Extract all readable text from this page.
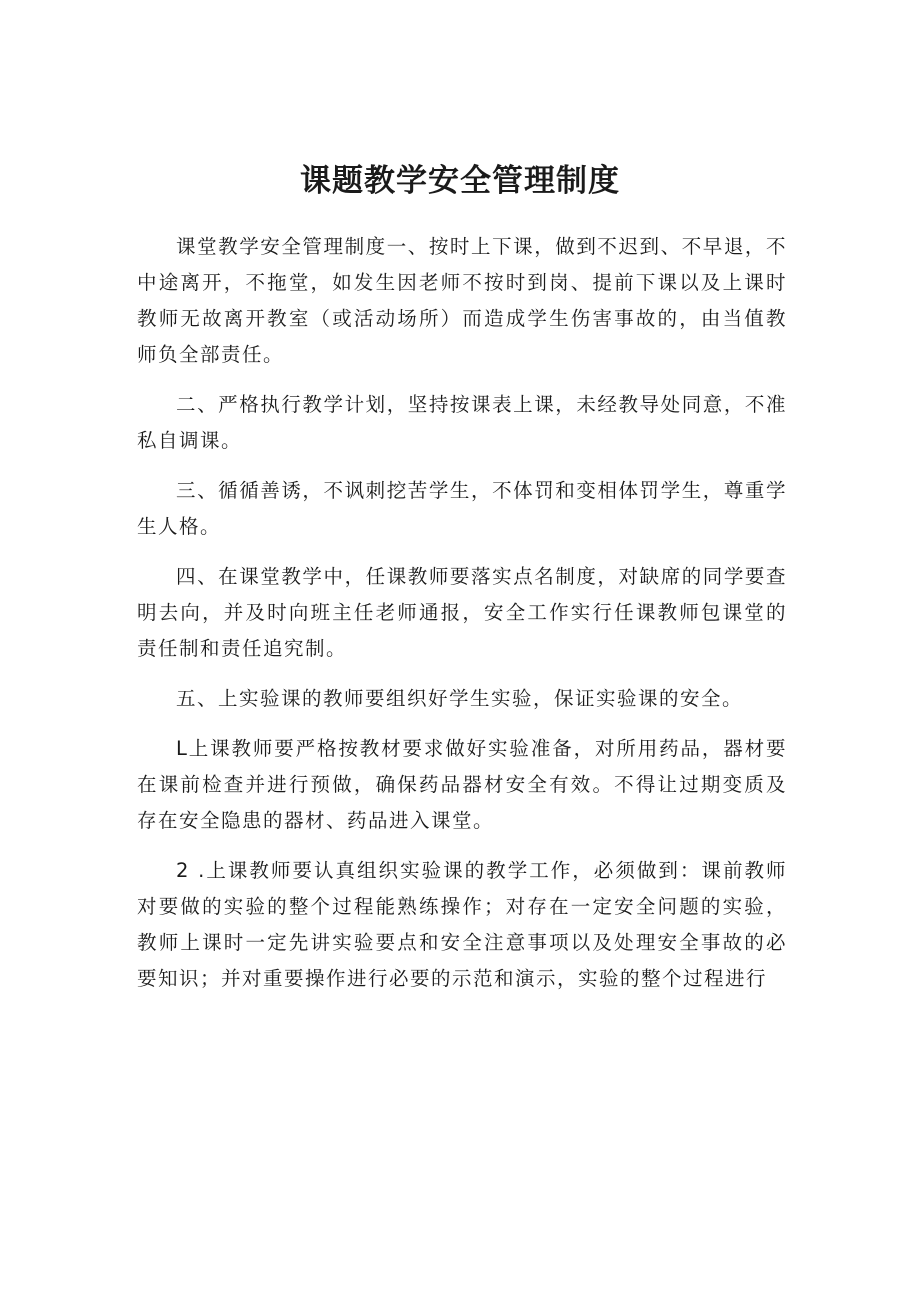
课题教学安全管理制度

课堂教学安全管理制度一、按时上下课，做到不迟到、不早退，不中途离开，不拖堂，如发生因老师不按时到岗、提前下课以及上课时教师无故离开教室（或活动场所）而造成学生伤害事故的，由当值教师负全部责任。

二、严格执行教学计划，坚持按课表上课，未经教导处同意，不准私自调课。

三、循循善诱，不讽刺挖苦学生，不体罚和变相体罚学生，尊重学生人格。

四、在课堂教学中，任课教师要落实点名制度，对缺席的同学要查明去向，并及时向班主任老师通报，安全工作实行任课教师包课堂的责任制和责任追究制。

五、上实验课的教师要组织好学生实验，保证实验课的安全。

L上课教师要严格按教材要求做好实验准备，对所用药品，器材要在课前检查并进行预做，确保药品器材安全有效。不得让过期变质及存在安全隐患的器材、药品进入课堂。

2 .上课教师要认真组织实验课的教学工作，必须做到：课前教师对要做的实验的整个过程能熟练操作；对存在一定安全问题的实验，教师上课时一定先讲实验要点和安全注意事项以及处理安全事故的必要知识；并对重要操作进行必要的示范和演示，实验的整个过程进行
